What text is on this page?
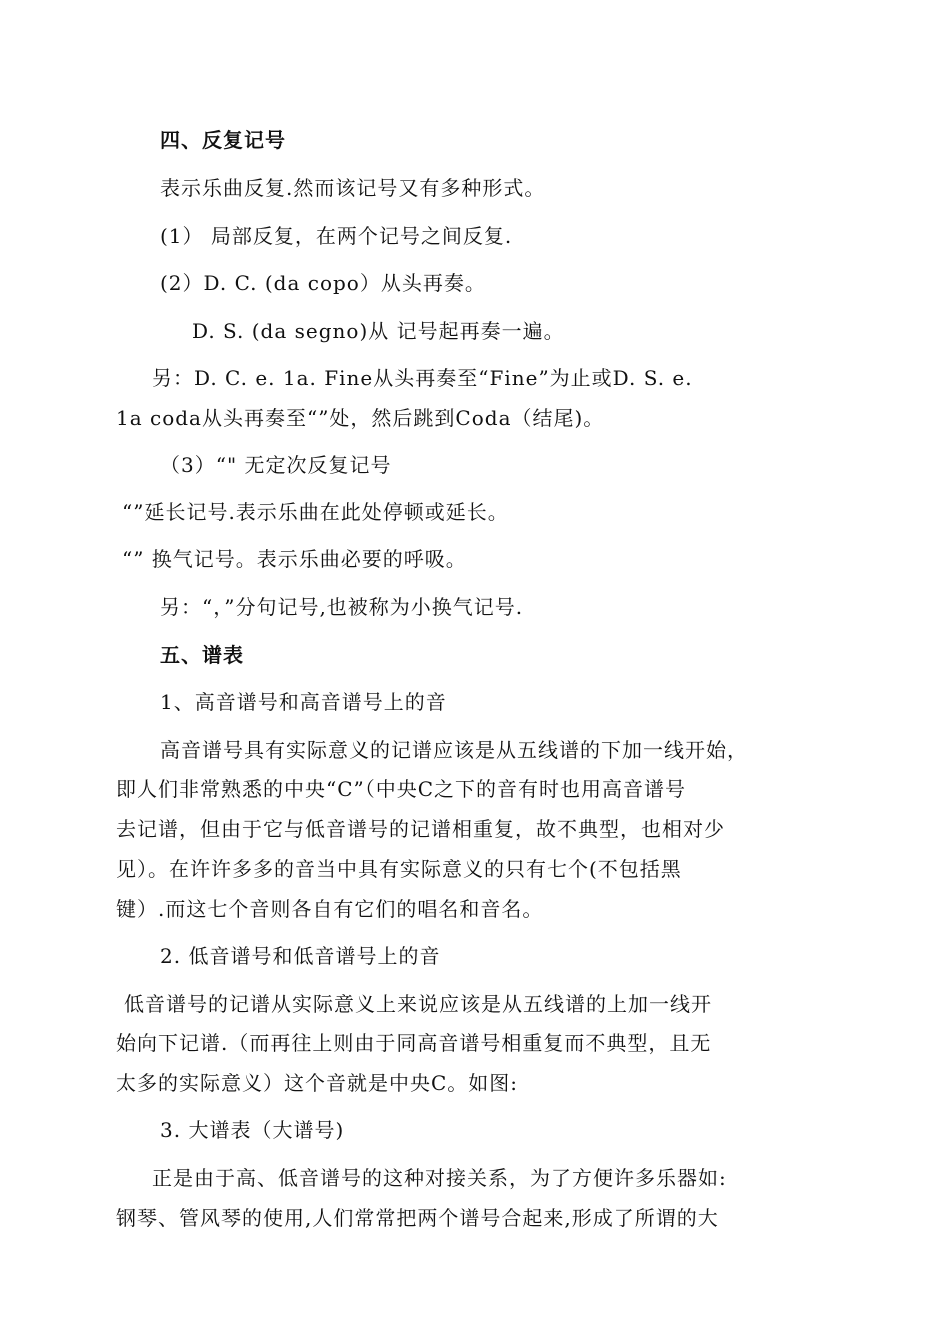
四、反复记号
表示乐曲反复.然而该记号又有多种形式。
(1） 局部反复，在两个记号之间反复.
(2）D. C. (da copo）从头再奏。
D. S. (da segno)从 记号起再奏一遍。
另：D. C. e. 1a. Fine从头再奏至“Fine”为止或D. S. e.
1a coda从头再奏至“”处，然后跳到Coda（结尾)。
（3）“" 无定次反复记号
“”延长记号.表示乐曲在此处停顿或延长。
“” 换气记号。表示乐曲必要的呼吸。
另：“，”分句记号,也被称为小换气记号.
五、谱表
1、高音谱号和高音谱号上的音
高音谱号具有实际意义的记谱应该是从五线谱的下加一线开始，
即人们非常熟悉的中央“C”（中央C之下的音有时也用高音谱号
去记谱，但由于它与低音谱号的记谱相重复，故不典型，也相对少
见）。在许许多多的音当中具有实际意义的只有七个(不包括黑
键）.而这七个音则各自有它们的唱名和音名。
2. 低音谱号和低音谱号上的音
低音谱号的记谱从实际意义上来说应该是从五线谱的上加一线开
始向下记谱.（而再往上则由于同高音谱号相重复而不典型，且无
太多的实际意义）这个音就是中央C。如图:
3. 大谱表（大谱号)
正是由于高、低音谱号的这种对接关系，为了方便许多乐器如:
钢琴、管风琴的使用,人们常常把两个谱号合起来,形成了所谓的大
